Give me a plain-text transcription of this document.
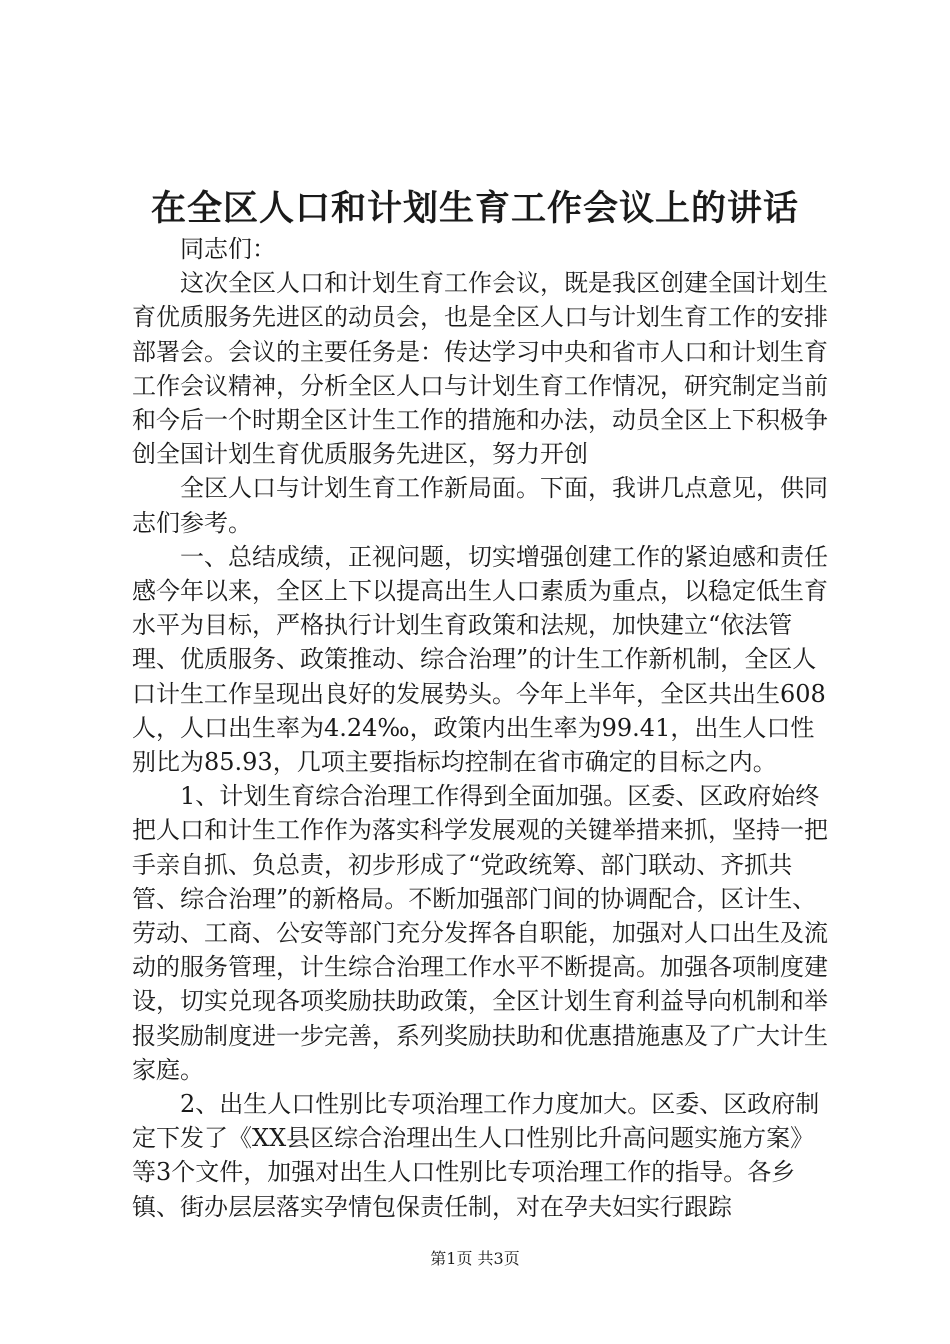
在全区人口和计划生育工作会议上的讲话

同志们：

这次全区人口和计划生育工作会议，既是我区创建全国计划生育优质服务先进区的动员会，也是全区人口与计划生育工作的安排部署会。会议的主要任务是：传达学习中央和省市人口和计划生育工作会议精神，分析全区人口与计划生育工作情况，研究制定当前和今后一个时期全区计生工作的措施和办法，动员全区上下积极争创全国计划生育优质服务先进区，努力开创

全区人口与计划生育工作新局面。下面，我讲几点意见，供同志们参考。

一、总结成绩，正视问题，切实增强创建工作的紧迫感和责任感今年以来，全区上下以提高出生人口素质为重点，以稳定低生育水平为目标，严格执行计划生育政策和法规，加快建立“依法管理、优质服务、政策推动、综合治理”的计生工作新机制，全区人口计生工作呈现出良好的发展势头。今年上半年，全区共出生608人，人口出生率为4.24‰，政策内出生率为99.41，出生人口性别比为85.93，几项主要指标均控制在省市确定的目标之内。

1、计划生育综合治理工作得到全面加强。区委、区政府始终把人口和计生工作作为落实科学发展观的关键举措来抓，坚持一把手亲自抓、负总责，初步形成了“党政统筹、部门联动、齐抓共管、综合治理”的新格局。不断加强部门间的协调配合，区计生、劳动、工商、公安等部门充分发挥各自职能，加强对人口出生及流动的服务管理，计生综合治理工作水平不断提高。加强各项制度建设，切实兑现各项奖励扶助政策，全区计划生育利益导向机制和举报奖励制度进一步完善，系列奖励扶助和优惠措施惠及了广大计生家庭。

2、出生人口性别比专项治理工作力度加大。区委、区政府制定下发了《XX县区综合治理出生人口性别比升高问题实施方案》等3个文件，加强对出生人口性别比专项治理工作的指导。各乡镇、街办层层落实孕情包保责任制，对在孕夫妇实行跟踪

第1页 共3页
